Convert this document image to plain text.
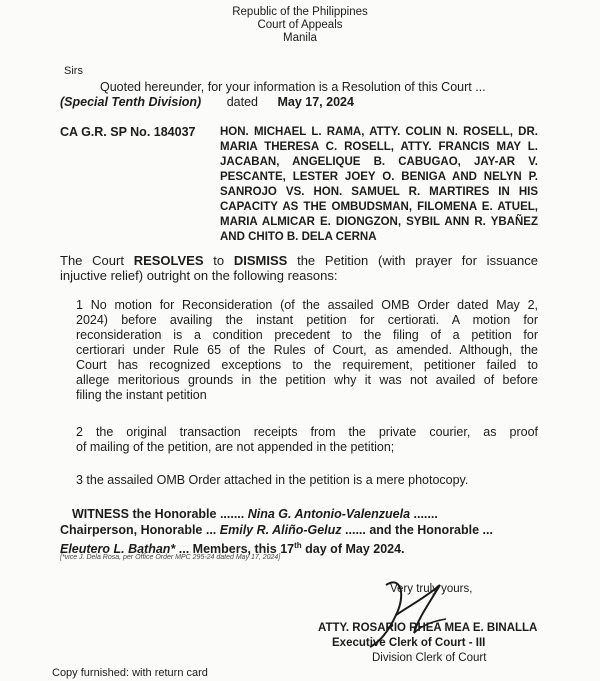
Republic of the Philippines
Court of Appeals
Manila
Sirs
Quoted hereunder, for your information is a Resolution of this Court ...
(Special Tenth Division) dated May 17, 2024
CA G.R. SP No. 184037 HON. MICHAEL L. RAMA, ATTY. COLIN N. ROSELL, DR.
MARIA THERESA C. ROSELL, ATTY. FRANCIS MAY L.
JACABAN, ANGELIQUE B. CABUGAO, JAY-AR V.
PESCANTE, LESTER JOEY O. BENIGA AND NELYN P.
SANROJO VS. HON. SAMUEL R. MARTIRES IN HIS
CAPACITY AS THE OMBUDSMAN, FILOMENA E. ATUEL,
MARIA ALMICAR E. DIONGZON, SYBIL ANN R. YBAÑEZ
AND CHITO B. DELA CERNA
The Court RESOLVES to DISMISS the Petition (with prayer for issuance
injuctive relief) outright on the following reasons:
1 No motion for Reconsideration (of the assailed OMB Order dated May 2,
2024) before availing the instant petition for certiorati. A motion for
reconsideration is a condition precedent to the filing of a petition for
certiorari under Rule 65 of the Rules of Court, as amended. Although, the
Court has recognized exceptions to the requirement, petitioner failed to
allege meritorious grounds in the petition why it was not availed of before
filing the instant petition
2 the original transaction receipts from the private courier, as proof
of mailing of the petition, are not appended in the petition;
3 the assailed OMB Order attached in the petition is a mere photocopy.
WITNESS the Honorable ....... Nina G. Antonio-Valenzuela .......
Chairperson, Honorable ... Emily R. Aliño-Geluz ...... and the Honorable ...
Eleutero L. Bathan* ... Members, this 17th day of May 2024.
[*vice J. Dela Rosa, per Office Order MPC 295-24 dated May 17, 2024]
Very truly yours,
ATTY. ROSARIO RHEA MEA E. BINALLA
Executive Clerk of Court - III
Division Clerk of Court
Copy furnished: with return card
